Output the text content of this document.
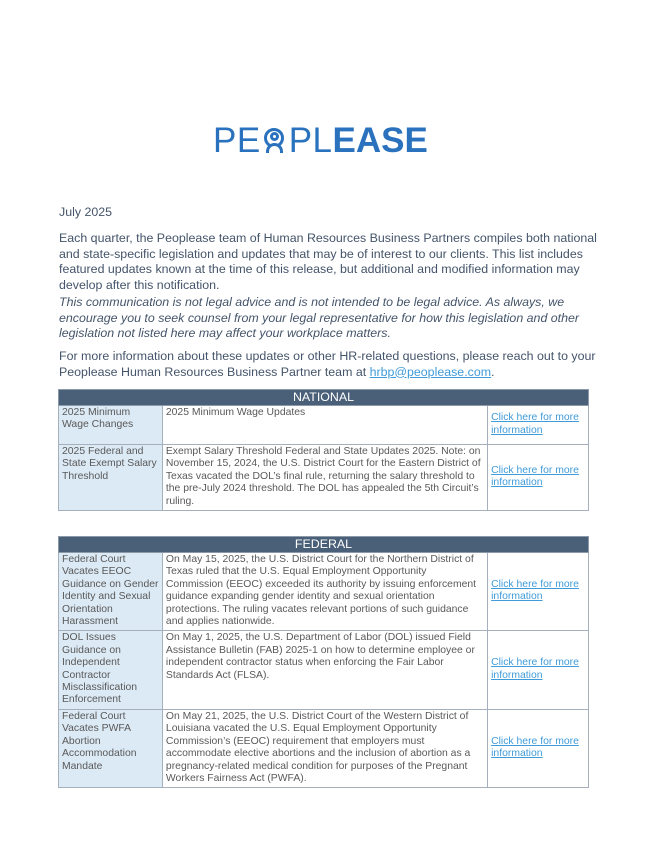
PE PL EASE

July 2025

Each quarter, the Peoplease team of Human Resources Business Partners compiles both national and state-specific legislation and updates that may be of interest to our clients. This list includes featured updates known at the time of this release, but additional and modified information may develop after this notification.

This communication is not legal advice and is not intended to be legal advice. As always, we encourage you to seek counsel from your legal representative for how this legislation and other legislation not listed here may affect your workplace matters.

For more information about these updates or other HR-related questions, please reach out to your Peoplease Human Resources Business Partner team at hrbp@peoplease.com.

NATIONAL		
2025 Minimum Wage Changes	2025 Minimum Wage Updates	Click here for more information
2025 Federal and State Exempt Salary Threshold	Exempt Salary Threshold Federal and State Updates 2025. Note: on November 15, 2024, the U.S. District Court for the Eastern District of Texas vacated the DOL’s final rule, returning the salary threshold to the pre-July 2024 threshold. The DOL has appealed the 5th Circuit’s ruling.	Click here for more information
FEDERAL		
Federal Court Vacates EEOC Guidance on Gender Identity and Sexual Orientation Harassment	On May 15, 2025, the U.S. District Court for the Northern District of Texas ruled that the U.S. Equal Employment Opportunity Commission (EEOC) exceeded its authority by issuing enforcement guidance expanding gender identity and sexual orientation protections. The ruling vacates relevant portions of such guidance and applies nationwide.	Click here for more information
DOL Issues Guidance on Independent Contractor Misclassification Enforcement	On May 1, 2025, the U.S. Department of Labor (DOL) issued Field Assistance Bulletin (FAB) 2025-1 on how to determine employee or independent contractor status when enforcing the Fair Labor Standards Act (FLSA).	Click here for more information
Federal Court Vacates PWFA Abortion Accommodation Mandate	On May 21, 2025, the U.S. District Court of the Western District of Louisiana vacated the U.S. Equal Employment Opportunity Commission’s (EEOC) requirement that employers must accommodate elective abortions and the inclusion of abortion as a pregnancy-related medical condition for purposes of the Pregnant Workers Fairness Act (PWFA).	Click here for more information
